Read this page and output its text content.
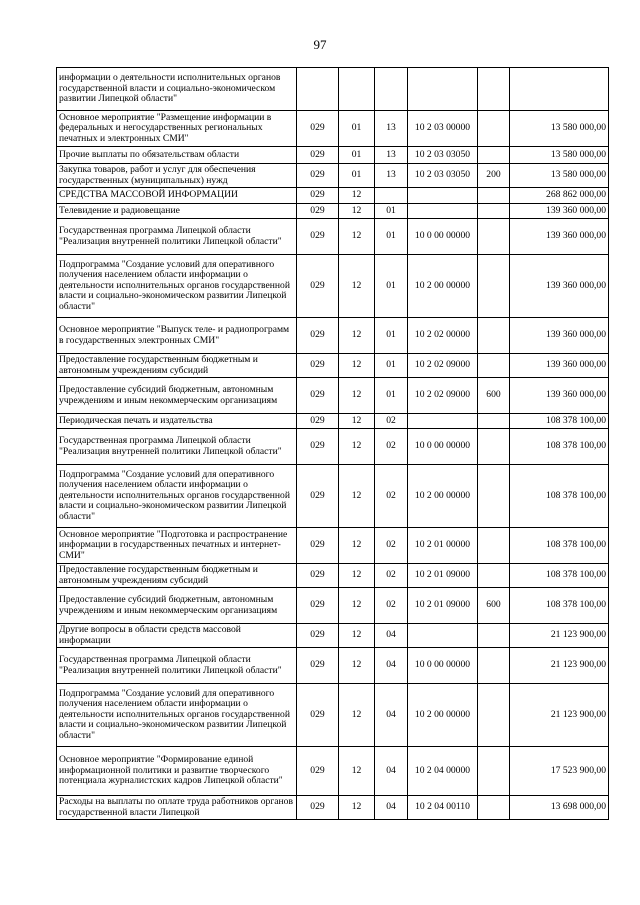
97
информации о деятельности исполнительных органов государственной власти и социально-экономическом развитии Липецкой области"						
Основное мероприятие "Размещение информации в федеральных и негосударственных региональных печатных и электронных СМИ"	029	01	13	10 2 03 00000		13 580 000,00
Прочие выплаты по обязательствам области	029	01	13	10 2 03 03050		13 580 000,00
Закупка товаров, работ и услуг для обеспечения государственных (муниципальных) нужд	029	01	13	10 2 03 03050	200	13 580 000,00
СРЕДСТВА МАССОВОЙ ИНФОРМАЦИИ	029	12				268 862 000,00
Телевидение и радиовещание	029	12	01			139 360 000,00
Государственная программа Липецкой области "Реализация внутренней политики Липецкой области"	029	12	01	10 0 00 00000		139 360 000,00
Подпрограмма "Создание условий для оперативного получения населением области информации о деятельности исполнительных органов государственной власти и социально-экономическом развитии Липецкой области"	029	12	01	10 2 00 00000		139 360 000,00
Основное мероприятие "Выпуск теле- и радиопрограмм в государственных электронных СМИ"	029	12	01	10 2 02 00000		139 360 000,00
Предоставление государственным бюджетным и автономным учреждениям субсидий	029	12	01	10 2 02 09000		139 360 000,00
Предоставление субсидий бюджетным, автономным учреждениям и иным некоммерческим организациям	029	12	01	10 2 02 09000	600	139 360 000,00
Периодическая печать и издательства	029	12	02			108 378 100,00
Государственная программа Липецкой области "Реализация внутренней политики Липецкой области"	029	12	02	10 0 00 00000		108 378 100,00
Подпрограмма "Создание условий для оперативного получения населением области информации о деятельности исполнительных органов государственной власти и социально-экономическом развитии Липецкой области"	029	12	02	10 2 00 00000		108 378 100,00
Основное мероприятие "Подготовка и распространение информации в государственных печатных и интернет-СМИ"	029	12	02	10 2 01 00000		108 378 100,00
Предоставление государственным бюджетным и автономным учреждениям субсидий	029	12	02	10 2 01 09000		108 378 100,00
Предоставление субсидий бюджетным, автономным учреждениям и иным некоммерческим организациям	029	12	02	10 2 01 09000	600	108 378 100,00
Другие вопросы в области средств массовой информации	029	12	04			21 123 900,00
Государственная программа Липецкой области "Реализация внутренней политики Липецкой области"	029	12	04	10 0 00 00000		21 123 900,00
Подпрограмма "Создание условий для оперативного получения населением области информации о деятельности исполнительных органов государственной власти и социально-экономическом развитии Липецкой области"	029	12	04	10 2 00 00000		21 123 900,00
Основное мероприятие "Формирование единой информационной политики и развитие творческого потенциала журналистских кадров Липецкой области"	029	12	04	10 2 04 00000		17 523 900,00
Расходы на выплаты по оплате труда работников органов государственной власти Липецкой	029	12	04	10 2 04 00110		13 698 000,00
